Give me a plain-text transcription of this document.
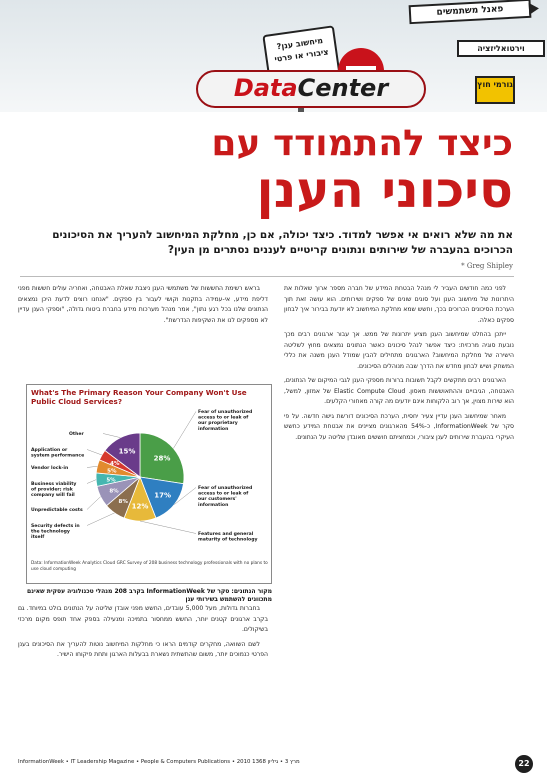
פאנל משתמשים
וירטואליזציה
מיחשוב ענן? ציבורי או פרטי
גורמי חוץ
DataCenter
כיצד להתמודד עם
סיכוני הענן
את מה שלא רואים אי אפשר למדוד. כיצד יכולה, אם כן, מחלקת המיחשוב להעריך את הסיכונים הכרוכים בהעברה של שירותים ונתונים קריטיים לעננים נסתרים מן העין?
* Greg Shipley

לפני כמה חודשים העביר לי מנהל הבטחת המידע של חברה מספר ארוך שאלות את היתרונות של מיחשוב הענן ועל סוגים שונים של ספקים ושירותים. הוא עושה זאת תוך הערכת הסיכונים הכרוכים בכך, וחשש שמא מחלקת המיחשוב לא יודעת בבירור איך לבחון ספקים כאלה.

ייתכן בהחלט שמיחשוב הענן מציע יתרונות של ממש. אך עבור ארגונים רבים מכך נובעת סוגיה מרכזית: כיצד אפשר לנהל סיכונים כאשר הנתונים נמצאים מחוץ לשליטה הישירה של מחלקת המיחשוב? הארגונים מתחילים להבין שמודל הענן משנה את כללי המשחק ושיש לבחון מחדש את הדרך שבה מנוהלים הסיכונים.

הארגונים רבים מתקשים לקבל תשובות ברורות מספקי הענן לגבי המיקום של הנתונים, האבטחה, הגיבויים וההתאוששות מאסון. Elastic Compute Cloud של אמזון, למשל, הוא שירות מצוין, אך רוב הלקוחות אינם יודעים מה קורה מאחורי הקלעים.

מאחר שמיחשוב הענן עדיין צעיר יחסית, הערכת הסיכונים דורשת גישה חדשה. על פי סקר של InformationWeek, כ-54% מהארגונים מציינים את אבטחת המידע כחשש העיקרי בהעברת שירותים לענן ציבורי, וכמחציתם חוששים מאובדן שליטה על הנתונים.

בראש רשימת החששות של משתמשי הענן ניצבת שאלת האבטחה, ואחריה עולים חששות מפני דליפת מידע, אי-עמידה בתקנות וקושי לעבור בין ספקים. "אנחנו רוצים לדעת היכן נמצאים הנתונים שלנו בכל רגע נתון", אמר מנהל מערכות מידע בחברת ביטוח גדולה, "וספקי הענן עדיין לא מספקים לנו את השקיפות הנדרשת".

What's The Primary Reason Your Company Won't Use Public Cloud Services?
28%
Fear of unauthorized access to or leak of our proprietary information
17%
Fear of unauthorized access to or leak of our customers' information
12%
Features and general maturity of technology
8%
Security defects in the technology itself
8%
Unpredictable costs
5%
Business viability of provider; risk company will fail
5%
Vendor lock-in
4%
Application or system performance
15%
Other
Data: InformationWeek Analytics Cloud GRC Survey of 208 business technology professionals with no plans to use cloud computing
מקור הנתונים: סקר של InformationWeek בקרב 208 מנהלי טכנולוגיה עסקית שאינם מתכוונים להשתמש בשירותי ענן

בחברות גדולות, מעל 5,000 עובדים, החשש מפני אובדן שליטה על הנתונים בולט במיוחד. גם בקרב ארגונים קטנים יותר, החשש ממחסור בתמיכה ומנעילה בספק אחד תופס מקום מרכזי בשיקולים.

לשם השוואה, מחקרים קודמים הראו כי מחלקות המיחשוב נוטות להעריך את הסיכונים בענן הפרטי כנמוכים יותר, משום שהתשתית נשארת בבעלות הארגון ותחת פיקוחו הישיר.

InformationWeek • IT Leadership Magazine • People & Computers Publications • 2010 מרץ 3 • גיליון 1368	22
